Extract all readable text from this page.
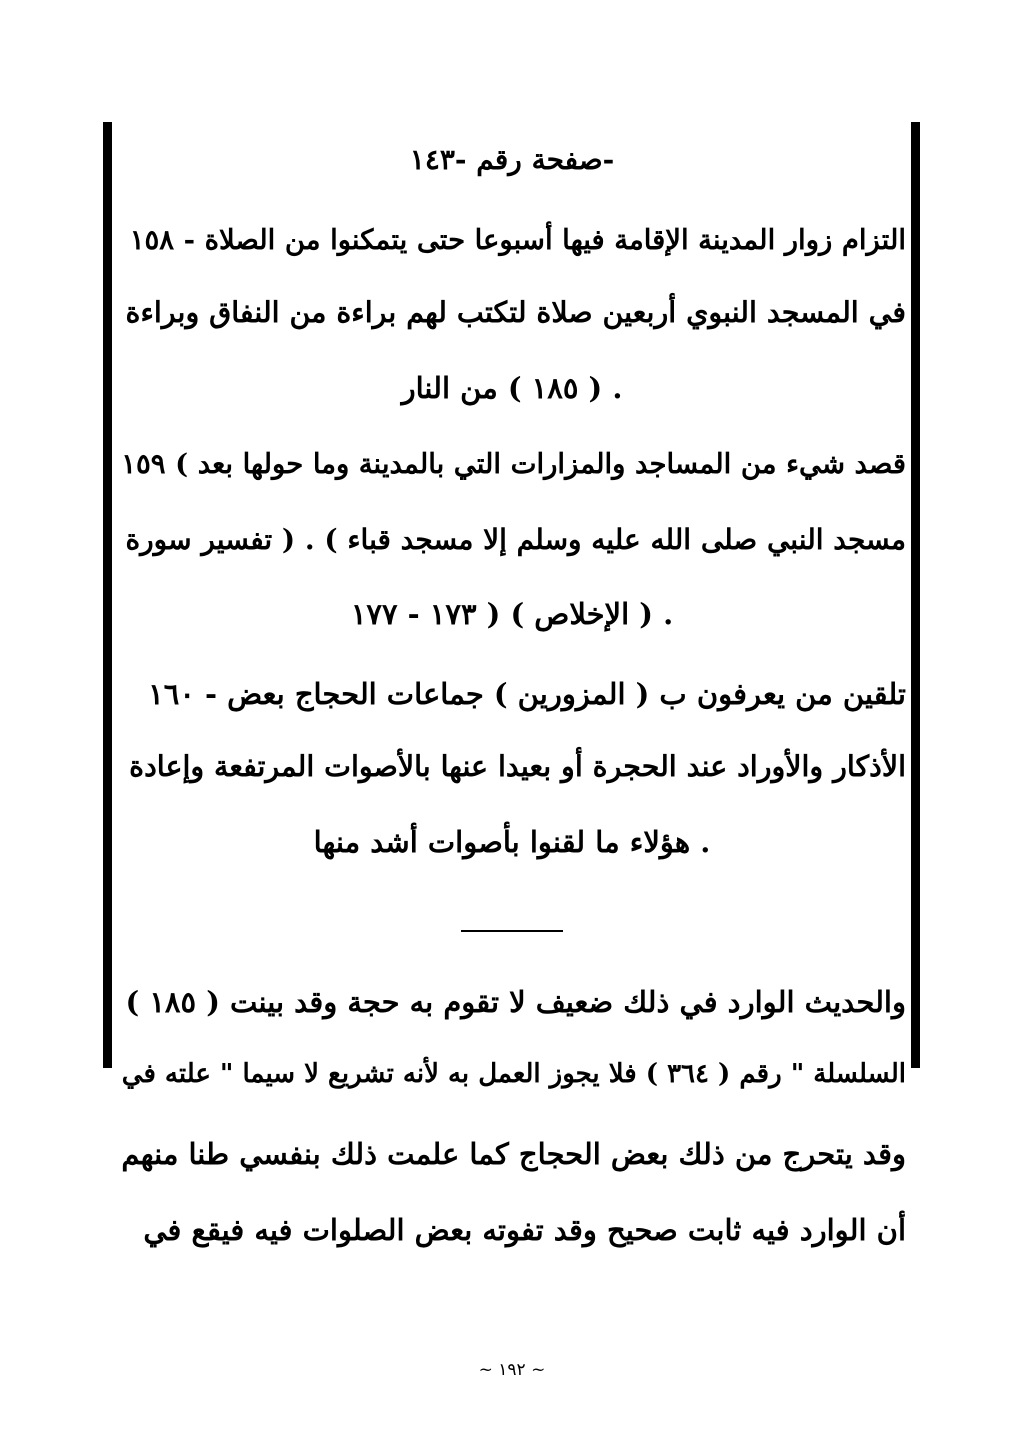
-صفحة رقم -١٤٣
التزام زوار المدينة الإقامة فيها أسبوعا حتى يتمكنوا من الصلاة - ١٥٨
في المسجد النبوي أربعين صلاة لتكتب لهم براءة من النفاق وبراءة
. ( ١٨٥ ) من النار
قصد شيء من المساجد والمزارات التي بالمدينة وما حولها بعد ) ١٥٩
مسجد النبي صلى الله عليه وسلم إلا مسجد قباء ) . ( تفسير سورة
. ( الإخلاص ) ( ١٧٣ - ١٧٧
تلقين من يعرفون ب ( المزورين ) جماعات الحجاج بعض - ١٦٠
الأذكار والأوراد عند الحجرة أو بعيدا عنها بالأصوات المرتفعة وإعادة
. هؤلاء ما لقنوا بأصوات أشد منها
والحديث الوارد في ذلك ضعيف لا تقوم به حجة وقد بينت ( ١٨٥ )
السلسلة " رقم ( ٣٦٤ ) فلا يجوز العمل به لأنه تشريع لا سيما " علته في
وقد يتحرج من ذلك بعض الحجاج كما علمت ذلك بنفسي طنا منهم
أن الوارد فيه ثابت صحيح وقد تفوته بعض الصلوات فيه فيقع في
~ ١٩٢ ~
